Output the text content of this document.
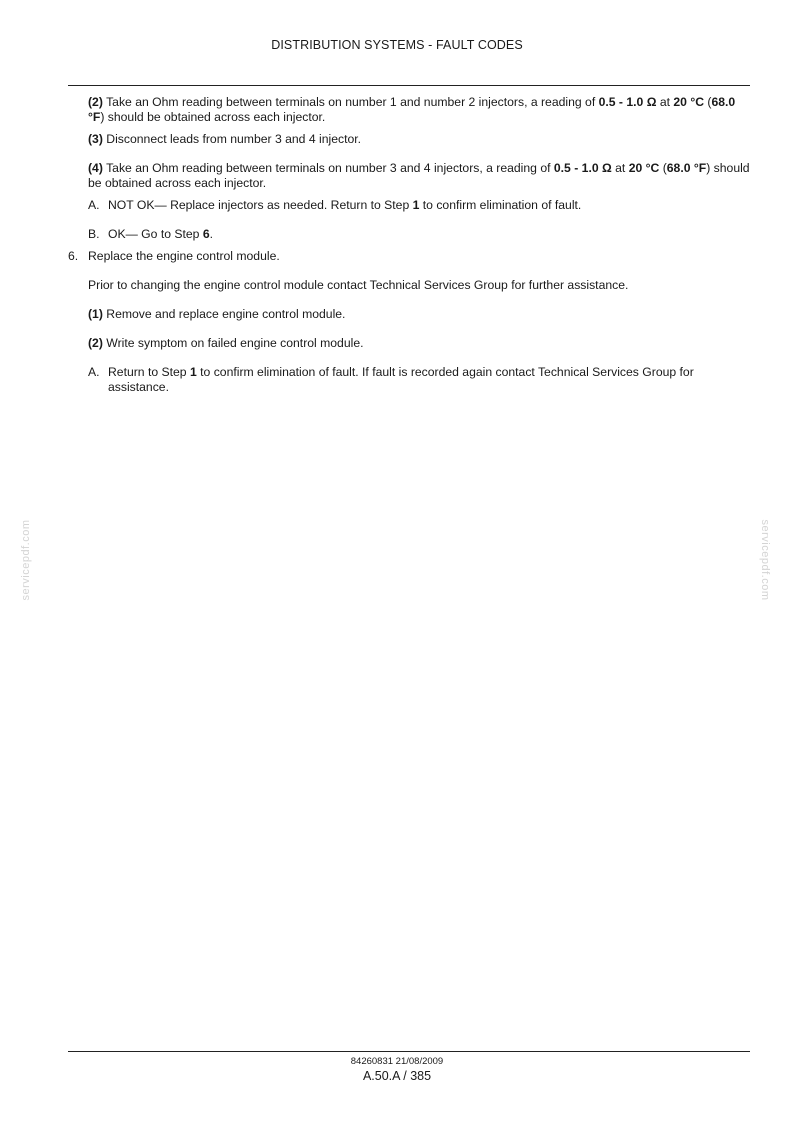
DISTRIBUTION SYSTEMS - FAULT CODES

(2) Take an Ohm reading between terminals on number 1 and number 2 injectors, a reading of 0.5 - 1.0 Ω at 20 °C (68.0 °F) should be obtained across each injector.

(3) Disconnect leads from number 3 and 4 injector.

(4) Take an Ohm reading between terminals on number 3 and 4 injectors, a reading of 0.5 - 1.0 Ω at 20 °C (68.0 °F) should be obtained across each injector.

A. NOT OK— Replace injectors as needed. Return to Step 1 to confirm elimination of fault.

B. OK— Go to Step 6.

6. Replace the engine control module.

Prior to changing the engine control module contact Technical Services Group for further assistance.

(1) Remove and replace engine control module.

(2) Write symptom on failed engine control module.

A. Return to Step 1 to confirm elimination of fault. If fault is recorded again contact Technical Services Group for assistance.

servicepdf.com	servicepdf.com
84260831 21/08/2009
A.50.A / 385
